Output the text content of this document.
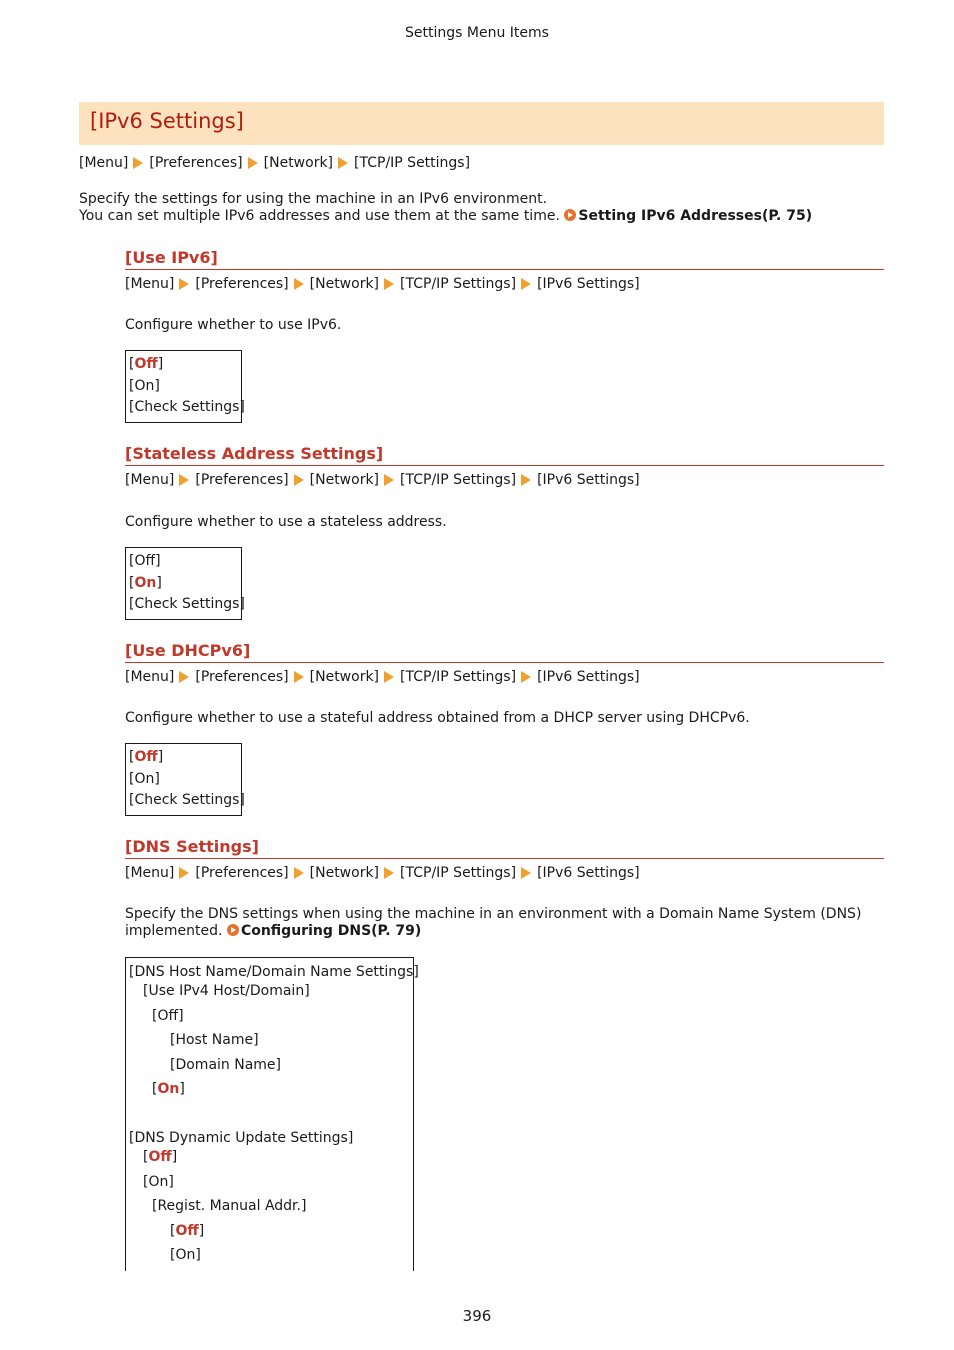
Settings Menu Items
[IPv6 Settings]
[Menu] [Preferences] [Network] [TCP/IP Settings]
Specify the settings for using the machine in an IPv6 environment.
You can set multiple IPv6 addresses and use them at the same time. Setting IPv6 Addresses(P. 75)
[Use IPv6]
[Menu] [Preferences] [Network] [TCP/IP Settings] [IPv6 Settings]
Configure whether to use IPv6.
[Off]
[On]
[Check Settings]
[Stateless Address Settings]
[Menu] [Preferences] [Network] [TCP/IP Settings] [IPv6 Settings]
Configure whether to use a stateless address.
[Off]
[On]
[Check Settings]
[Use DHCPv6]
[Menu] [Preferences] [Network] [TCP/IP Settings] [IPv6 Settings]
Configure whether to use a stateful address obtained from a DHCP server using DHCPv6.
[Off]
[On]
[Check Settings]
[DNS Settings]
[Menu] [Preferences] [Network] [TCP/IP Settings] [IPv6 Settings]
Specify the DNS settings when using the machine in an environment with a Domain Name System (DNS)
implemented. Configuring DNS(P. 79)
[DNS Host Name/Domain Name Settings]
[Use IPv4 Host/Domain]
[Off]
[Host Name]
[Domain Name]
[On]
[DNS Dynamic Update Settings]
[Off]
[On]
[Regist. Manual Addr.]
[Off]
[On]
396
